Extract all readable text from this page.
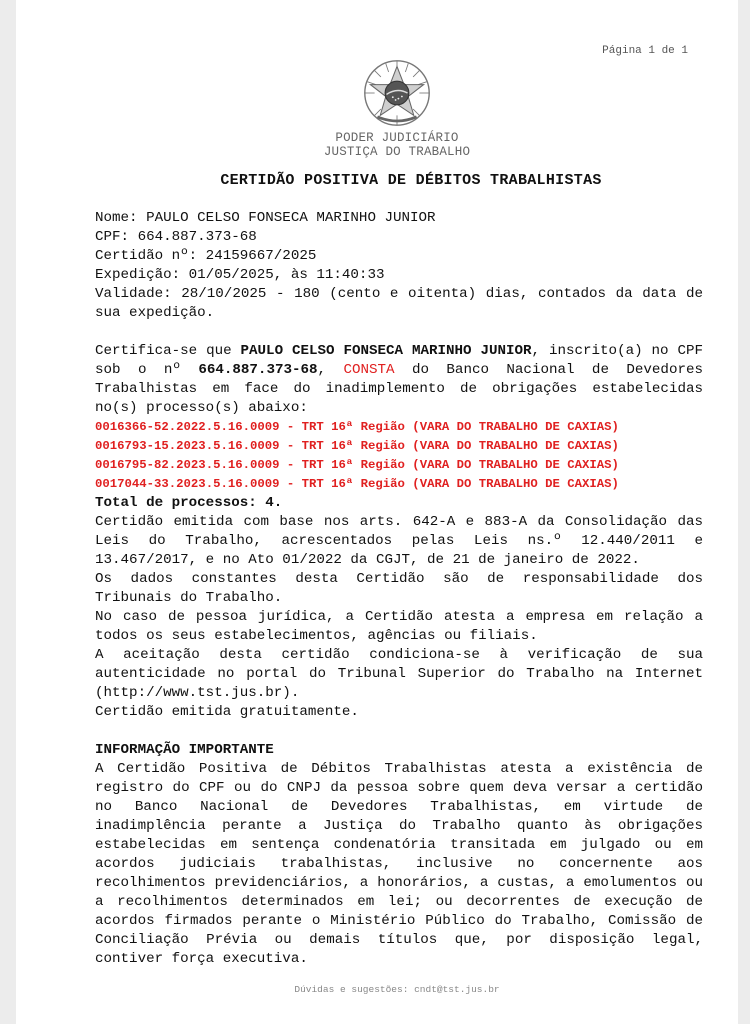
Página 1 de 1
PODER JUDICIÁRIO
JUSTIÇA DO TRABALHO
CERTIDÃO POSITIVA DE DÉBITOS TRABALHISTAS

Nome: PAULO CELSO FONSECA MARINHO JUNIOR

CPF: 664.887.373-68

Certidão nº: 24159667/2025

Expedição: 01/05/2025, às 11:40:33

Validade: 28/10/2025 - 180 (cento e oitenta) dias, contados da data de sua expedição.

Certifica-se que PAULO CELSO FONSECA MARINHO JUNIOR, inscrito(a) no CPF sob o nº 664.887.373-68, CONSTA do Banco Nacional de Devedores Trabalhistas em face do inadimplemento de obrigações estabelecidas no(s) processo(s) abaixo:

0016366-52.2022.5.16.0009 - TRT 16ª Região (VARA DO TRABALHO DE CAXIAS)
0016793-15.2023.5.16.0009 - TRT 16ª Região (VARA DO TRABALHO DE CAXIAS)
0016795-82.2023.5.16.0009 - TRT 16ª Região (VARA DO TRABALHO DE CAXIAS)
0017044-33.2023.5.16.0009 - TRT 16ª Região (VARA DO TRABALHO DE CAXIAS)

Total de processos: 4.

Certidão emitida com base nos arts. 642-A e 883-A da Consolidação das Leis do Trabalho, acrescentados pelas Leis ns.º 12.440/2011 e 13.467/2017, e no Ato 01/2022 da CGJT, de 21 de janeiro de 2022.

Os dados constantes desta Certidão são de responsabilidade dos Tribunais do Trabalho.

No caso de pessoa jurídica, a Certidão atesta a empresa em relação a todos os seus estabelecimentos, agências ou filiais.

A aceitação desta certidão condiciona-se à verificação de sua autenticidade no portal do Tribunal Superior do Trabalho na Internet (http://www.tst.jus.br).

Certidão emitida gratuitamente.

INFORMAÇÃO IMPORTANTE

A Certidão Positiva de Débitos Trabalhistas atesta a existência de registro do CPF ou do CNPJ da pessoa sobre quem deva versar a certidão no Banco Nacional de Devedores Trabalhistas, em virtude de inadimplência perante a Justiça do Trabalho quanto às obrigações estabelecidas em sentença condenatória transitada em julgado ou em acordos judiciais trabalhistas, inclusive no concernente aos recolhimentos previdenciários, a honorários, a custas, a emolumentos ou a recolhimentos determinados em lei; ou decorrentes de execução de acordos firmados perante o Ministério Público do Trabalho, Comissão de Conciliação Prévia ou demais títulos que, por disposição legal, contiver força executiva.

Dúvidas e sugestões: cndt@tst.jus.br
